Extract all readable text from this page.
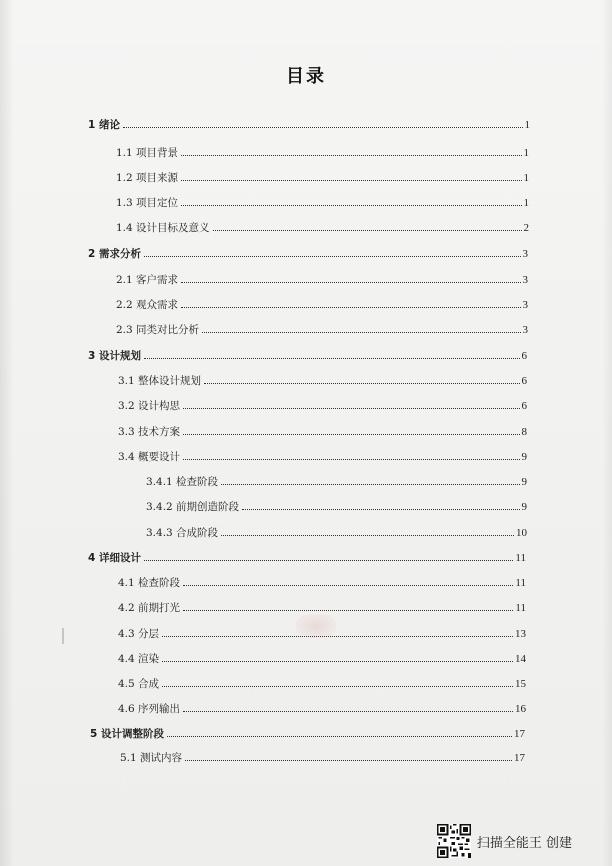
目录
1 绪论	1
1.1 项目背景	1
1.2 项目来源	1
1.3 项目定位	1
1.4 设计目标及意义	2
2 需求分析	3
2.1 客户需求	3
2.2 观众需求	3
2.3 同类对比分析	3
3 设计规划	6
3.1 整体设计规划	6
3.2 设计构思	6
3.3 技术方案	8
3.4 概要设计	9
3.4.1 检查阶段	9
3.4.2 前期创造阶段	9
3.4.3 合成阶段	10
4 详细设计	11
4.1 检查阶段	11
4.2 前期打光	11
4.3 分层	13
4.4 渲染	14
4.5 合成	15
4.6 序列输出	16
5 设计调整阶段	17
5.1 测试内容	17
扫描全能王 创建
